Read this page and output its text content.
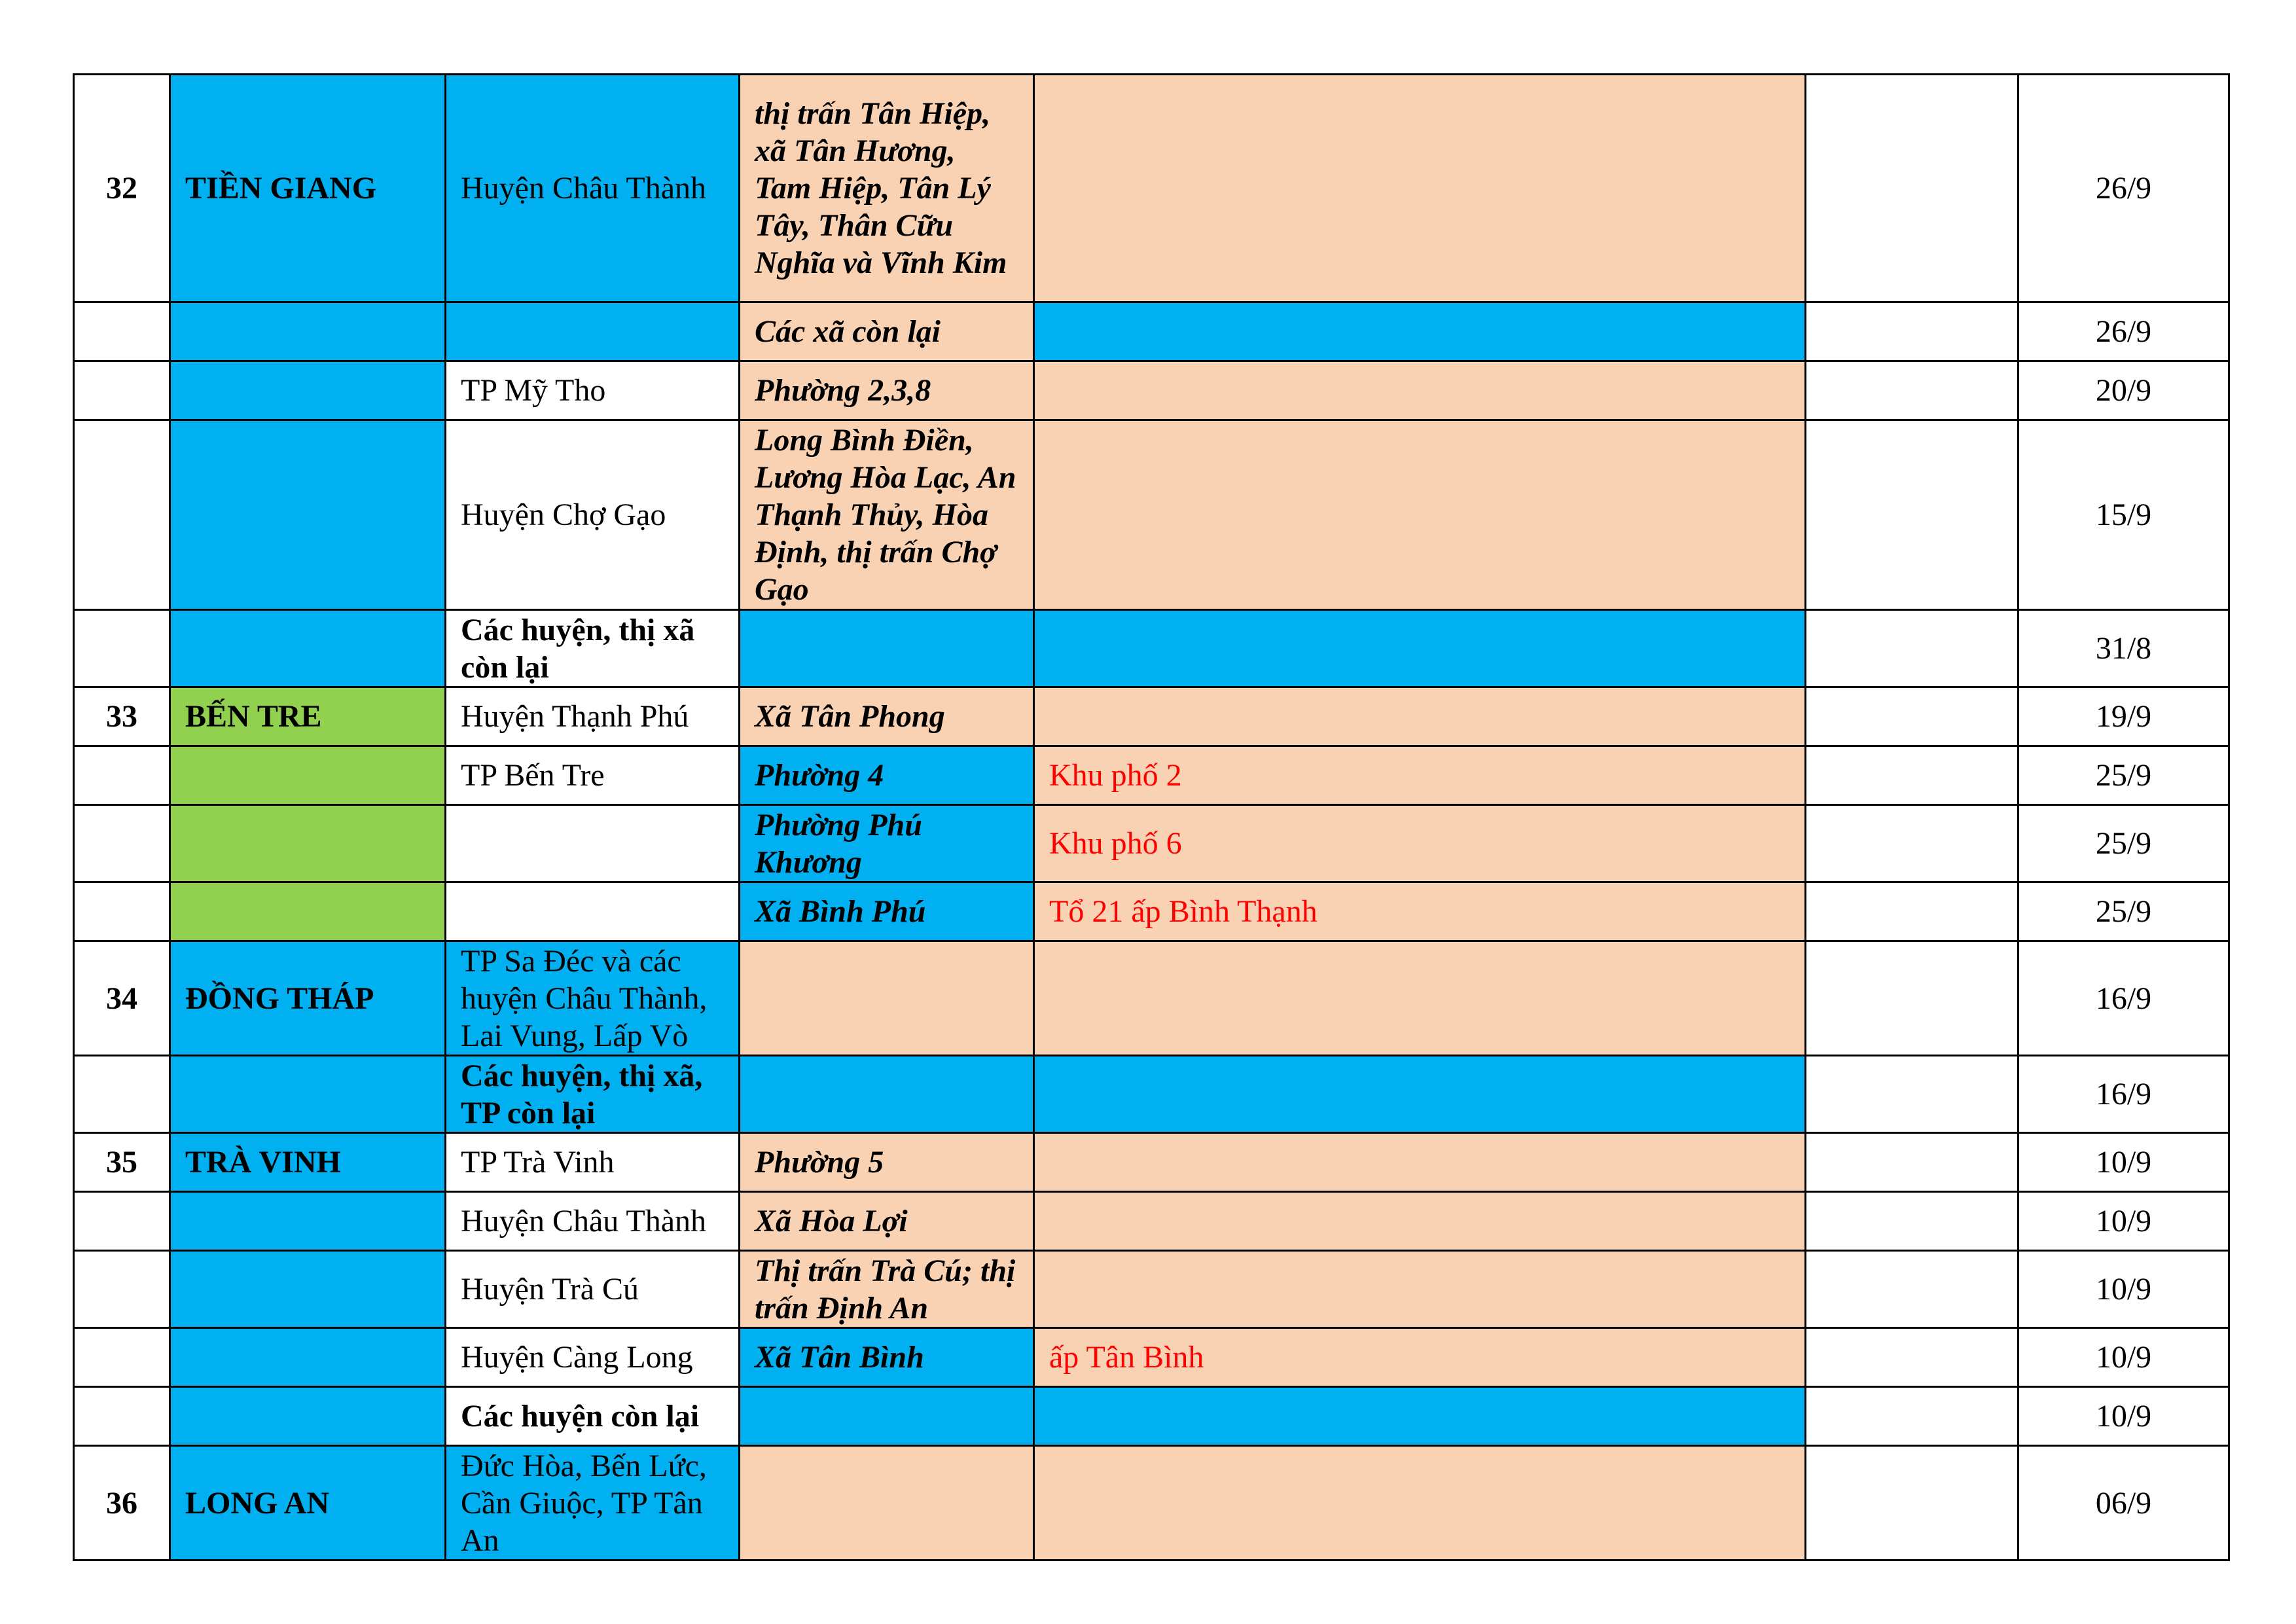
32	TIỀN GIANG	Huyện Châu Thành	thị trấn Tân Hiệp, xã Tân Hương, Tam Hiệp, Tân Lý Tây, Thân Cữu Nghĩa và Vĩnh Kim			26/9
			Các xã còn lại			26/9
		TP Mỹ Tho	Phường 2,3,8			20/9
		Huyện Chợ Gạo	Long Bình Điền, Lương Hòa Lạc, An Thạnh Thủy, Hòa Định, thị trấn Chợ Gạo			15/9
		Các huyện, thị xã còn lại				31/8
33	BẾN TRE	Huyện Thạnh Phú	Xã Tân Phong			19/9
		TP Bến Tre	Phường 4	Khu phố 2		25/9
			Phường Phú Khương	Khu phố 6		25/9
			Xã Bình Phú	Tổ 21 ấp Bình Thạnh		25/9
34	ĐỒNG THÁP	TP Sa Đéc và các huyện Châu Thành, Lai Vung, Lấp Vò				16/9
		Các huyện, thị xã, TP còn lại				16/9
35	TRÀ VINH	TP Trà Vinh	Phường 5			10/9
		Huyện Châu Thành	Xã Hòa Lợi			10/9
		Huyện Trà Cú	Thị trấn Trà Cú; thị trấn Định An			10/9
		Huyện Càng Long	Xã Tân Bình	ấp Tân Bình		10/9
		Các huyện còn lại				10/9
36	LONG AN	Đức Hòa, Bến Lức, Cần Giuộc, TP Tân An				06/9
